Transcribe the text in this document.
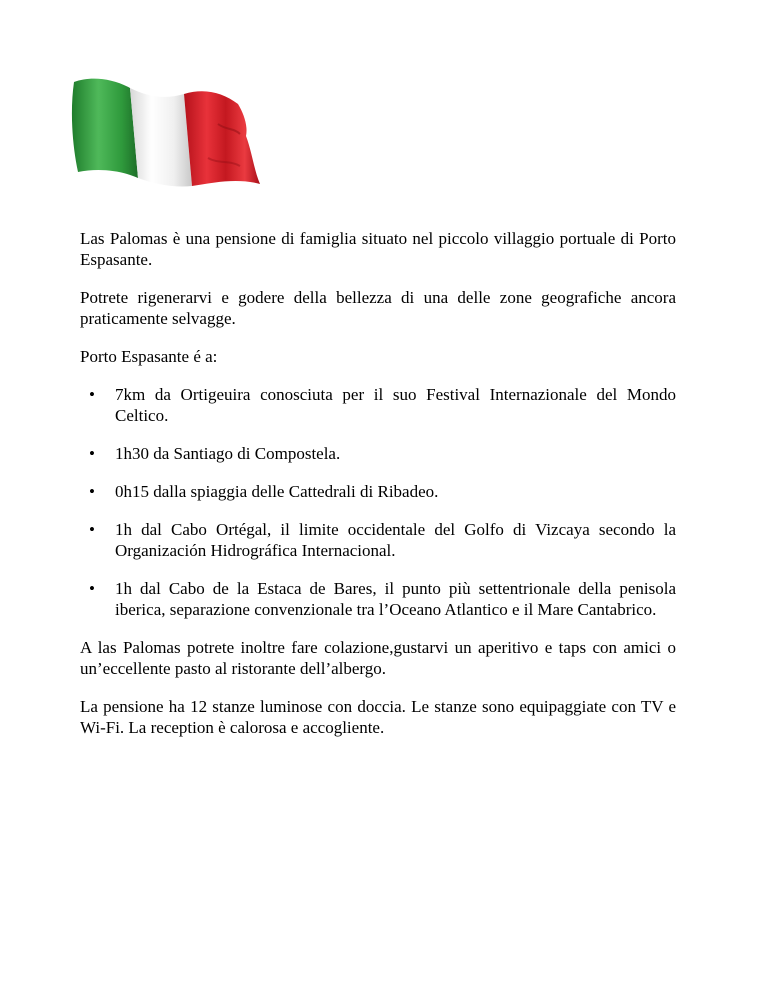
Las Palomas è una pensione di famiglia situato nel piccolo villaggio portuale di Porto Espasante.

Potrete rigenerarvi e godere della bellezza di una delle zone geografiche ancora praticamente selvagge.

Porto Espasante é a:

• 7km da Ortigeuira conosciuta per il suo Festival Internazionale del Mondo Celtico.
• 1h30 da Santiago di Compostela.
• 0h15 dalla spiaggia delle Cattedrali di Ribadeo.
• 1h dal Cabo Ortégal, il limite occidentale del Golfo di Vizcaya secondo la Organización Hidrográfica Internacional.
• 1h dal Cabo de la Estaca de Bares, il punto più settentrionale della penisola iberica, separazione convenzionale tra l’Oceano Atlantico e il Mare Cantabrico.

A las Palomas potrete inoltre fare colazione,gustarvi un aperitivo e taps con amici o un’eccellente pasto al ristorante dell’albergo.

La pensione ha 12 stanze luminose con doccia. Le stanze sono equipaggiate con TV e Wi-Fi. La reception è calorosa e accogliente.
